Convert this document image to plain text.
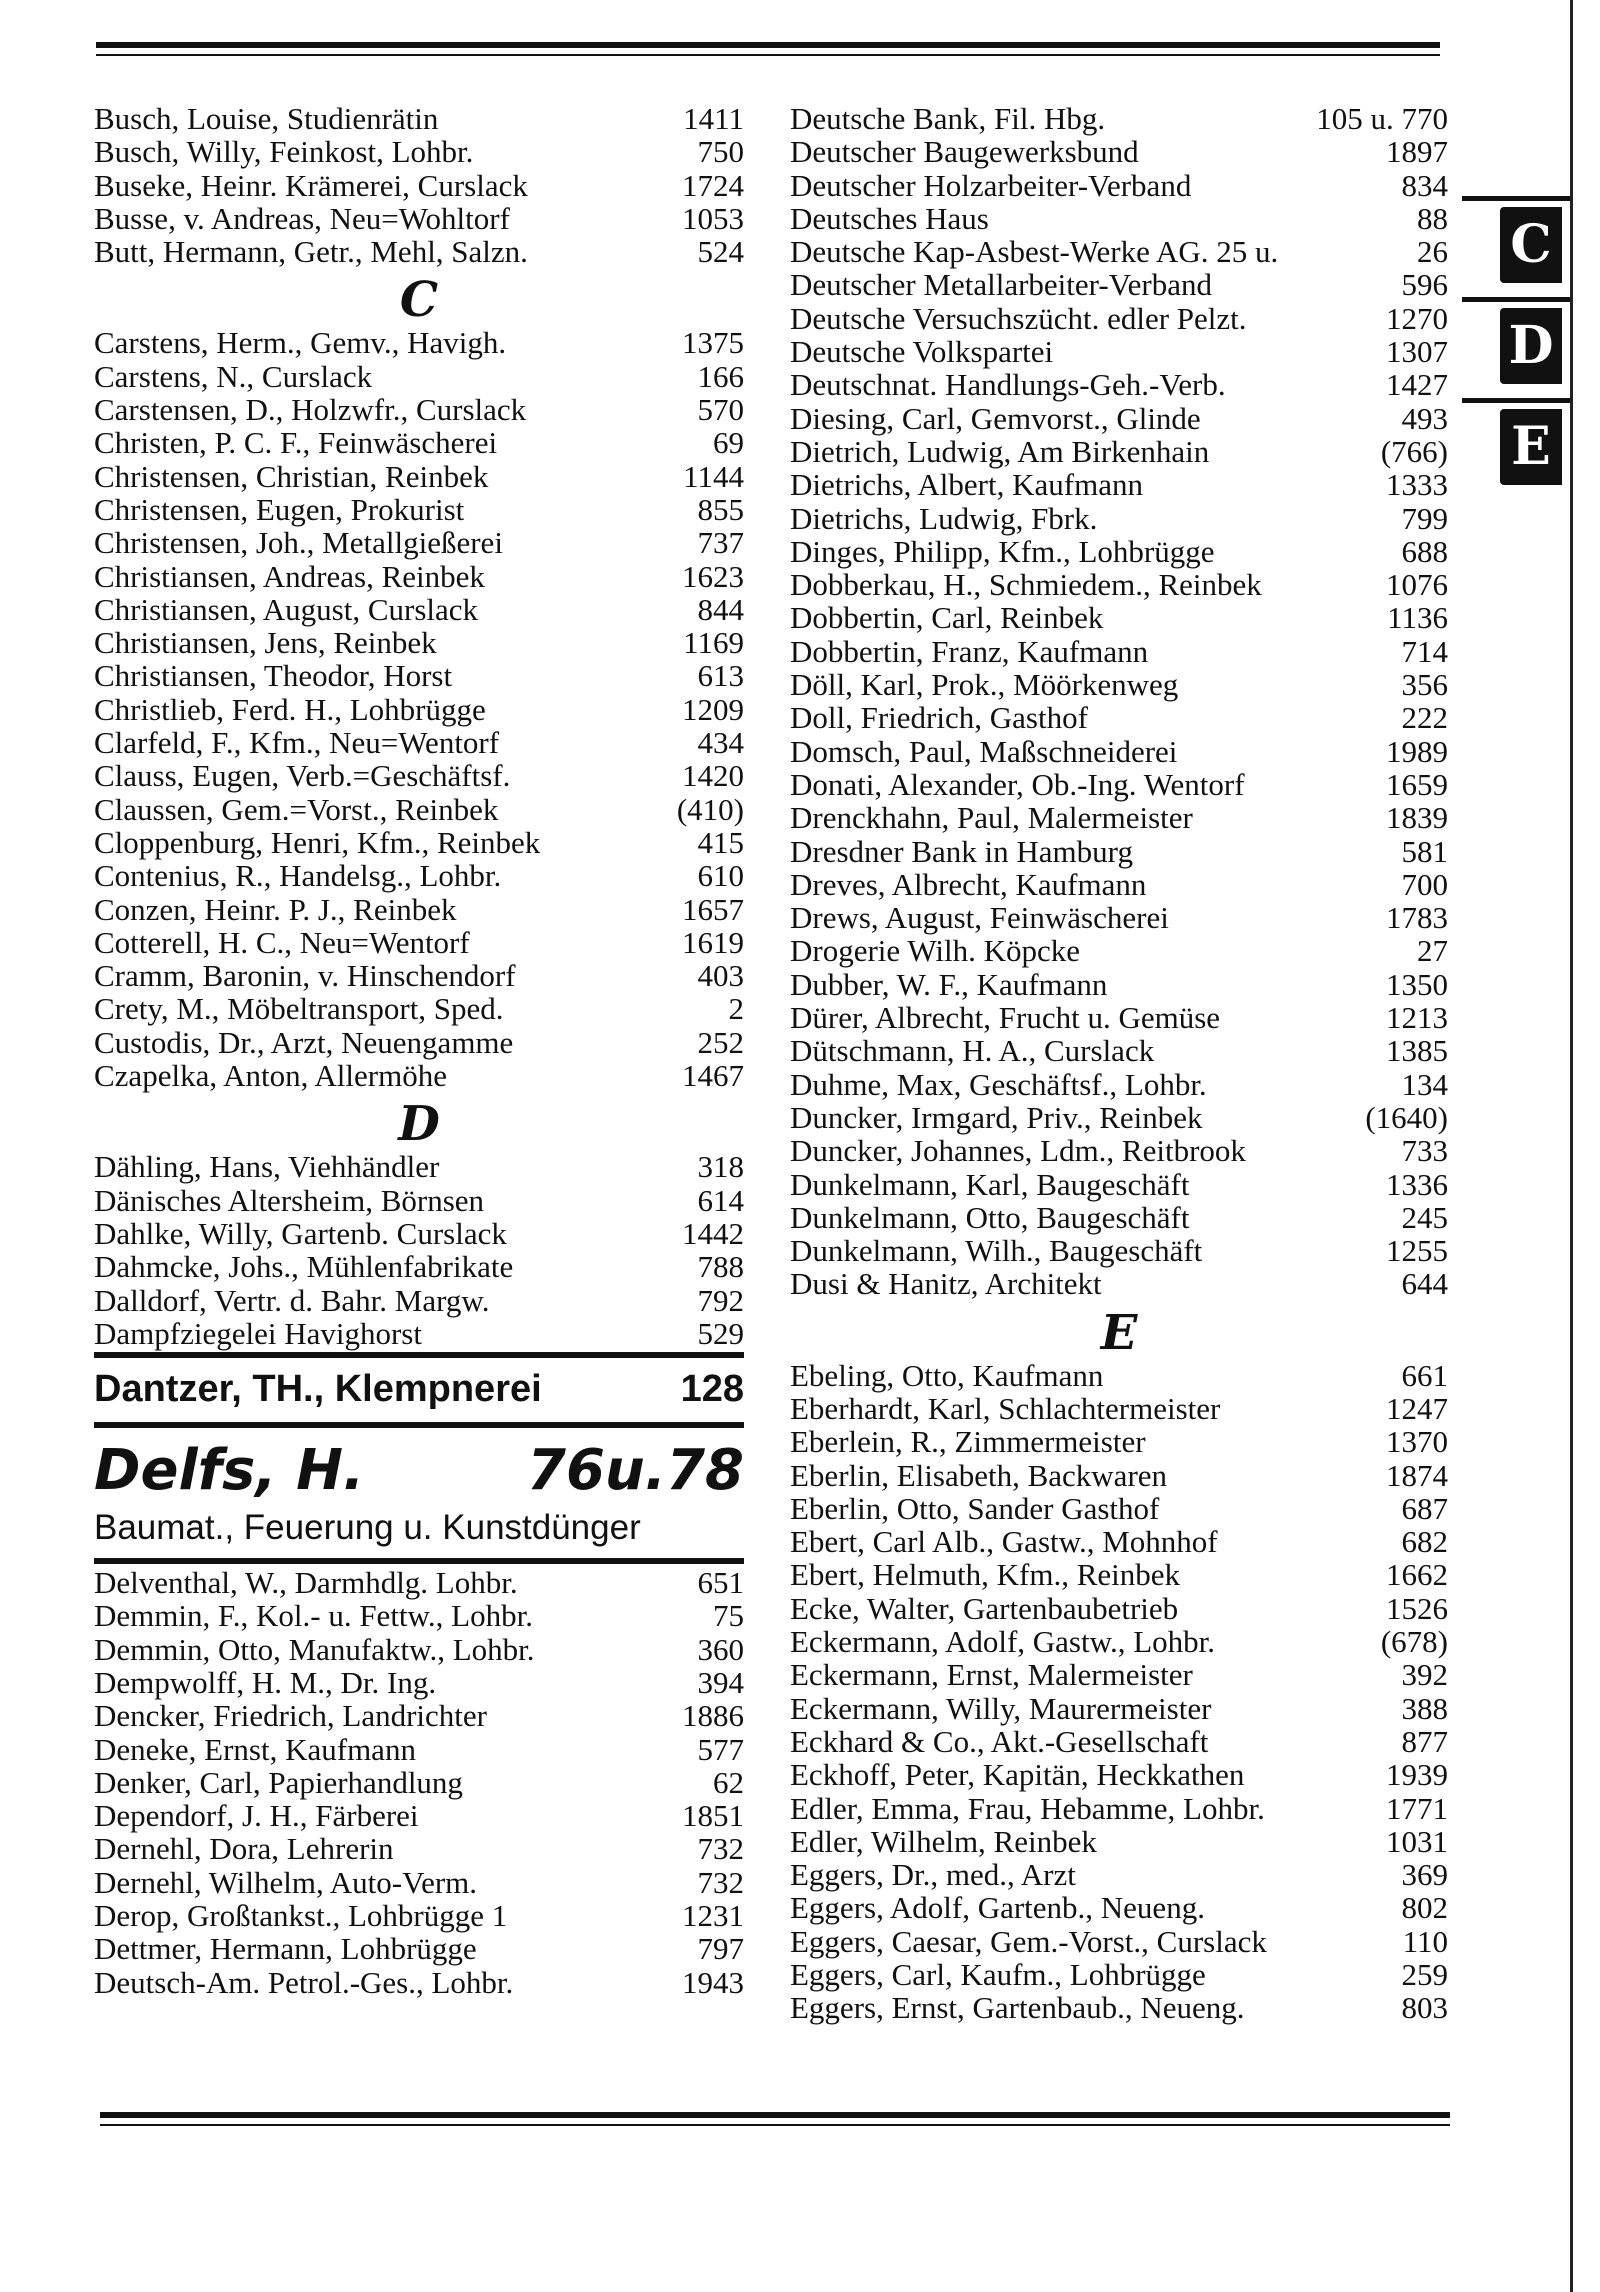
Busch, Louise, Studienrätin	1411
Busch, Willy, Feinkost, Lohbr.	750
Buseke, Heinr. Krämerei, Curslack	1724
Busse, v. Andreas, Neu=Wohltorf	1053
Butt, Hermann, Getr., Mehl, Salzn.	524
C
Carstens, Herm., Gemv., Havigh.	1375
Carstens, N., Curslack	166
Carstensen, D., Holzwfr., Curslack	570
Christen, P. C. F., Feinwäscherei	69
Christensen, Christian, Reinbek	1144
Christensen, Eugen, Prokurist	855
Christensen, Joh., Metallgießerei	737
Christiansen, Andreas, Reinbek	1623
Christiansen, August, Curslack	844
Christiansen, Jens, Reinbek	1169
Christiansen, Theodor, Horst	613
Christlieb, Ferd. H., Lohbrügge	1209
Clarfeld, F., Kfm., Neu=Wentorf	434
Clauss, Eugen, Verb.=Geschäftsf.	1420
Claussen, Gem.=Vorst., Reinbek	(410)
Cloppenburg, Henri, Kfm., Reinbek	415
Contenius, R., Handelsg., Lohbr.	610
Conzen, Heinr. P. J., Reinbek	1657
Cotterell, H. C., Neu=Wentorf	1619
Cramm, Baronin, v. Hinschendorf	403
Crety, M., Möbeltransport, Sped.	2
Custodis, Dr., Arzt, Neuengamme	252
Czapelka, Anton, Allermöhe	1467
D
Dähling, Hans, Viehhändler	318
Dänisches Altersheim, Börnsen	614
Dahlke, Willy, Gartenb. Curslack	1442
Dahmcke, Johs., Mühlenfabrikate	788
Dalldorf, Vertr. d. Bahr. Margw.	792
Dampfziegelei Havighorst	529
Dantzer, TH., Klempnerei	128
Delfs, H.	76u.78
Baumat., Feuerung u. Kunstdünger
Delventhal, W., Darmhdlg. Lohbr.	651
Demmin, F., Kol.- u. Fettw., Lohbr.	75
Demmin, Otto, Manufaktw., Lohbr.	360
Dempwolff, H. M., Dr. Ing.	394
Dencker, Friedrich, Landrichter	1886
Deneke, Ernst, Kaufmann	577
Denker, Carl, Papierhandlung	62
Dependorf, J. H., Färberei	1851
Dernehl, Dora, Lehrerin	732
Dernehl, Wilhelm, Auto-Verm.	732
Derop, Großtankst., Lohbrügge 1	1231
Dettmer, Hermann, Lohbrügge	797
Deutsch-Am. Petrol.-Ges., Lohbr.	1943
Deutsche Bank, Fil. Hbg.	105 u. 770
Deutscher Baugewerksbund	1897
Deutscher Holzarbeiter-Verband	834
Deutsches Haus	88
Deutsche Kap-Asbest-Werke AG. 25 u.	26
Deutscher Metallarbeiter-Verband	596
Deutsche Versuchszücht. edler Pelzt.	1270
Deutsche Volkspartei	1307
Deutschnat. Handlungs-Geh.-Verb.	1427
Diesing, Carl, Gemvorst., Glinde	493
Dietrich, Ludwig, Am Birkenhain	(766)
Dietrichs, Albert, Kaufmann	1333
Dietrichs, Ludwig, Fbrk.	799
Dinges, Philipp, Kfm., Lohbrügge	688
Dobberkau, H., Schmiedem., Reinbek	1076
Dobbertin, Carl, Reinbek	1136
Dobbertin, Franz, Kaufmann	714
Döll, Karl, Prok., Möörkenweg	356
Doll, Friedrich, Gasthof	222
Domsch, Paul, Maßschneiderei	1989
Donati, Alexander, Ob.-Ing. Wentorf	1659
Drenckhahn, Paul, Malermeister	1839
Dresdner Bank in Hamburg	581
Dreves, Albrecht, Kaufmann	700
Drews, August, Feinwäscherei	1783
Drogerie Wilh. Köpcke	27
Dubber, W. F., Kaufmann	1350
Dürer, Albrecht, Frucht u. Gemüse	1213
Dütschmann, H. A., Curslack	1385
Duhme, Max, Geschäftsf., Lohbr.	134
Duncker, Irmgard, Priv., Reinbek	(1640)
Duncker, Johannes, Ldm., Reitbrook	733
Dunkelmann, Karl, Baugeschäft	1336
Dunkelmann, Otto, Baugeschäft	245
Dunkelmann, Wilh., Baugeschäft	1255
Dusi & Hanitz, Architekt	644
E
Ebeling, Otto, Kaufmann	661
Eberhardt, Karl, Schlachtermeister	1247
Eberlein, R., Zimmermeister	1370
Eberlin, Elisabeth, Backwaren	1874
Eberlin, Otto, Sander Gasthof	687
Ebert, Carl Alb., Gastw., Mohnhof	682
Ebert, Helmuth, Kfm., Reinbek	1662
Ecke, Walter, Gartenbaubetrieb	1526
Eckermann, Adolf, Gastw., Lohbr.	(678)
Eckermann, Ernst, Malermeister	392
Eckermann, Willy, Maurermeister	388
Eckhard & Co., Akt.-Gesellschaft	877
Eckhoff, Peter, Kapitän, Heckkathen	1939
Edler, Emma, Frau, Hebamme, Lohbr.	1771
Edler, Wilhelm, Reinbek	1031
Eggers, Dr., med., Arzt	369
Eggers, Adolf, Gartenb., Neueng.	802
Eggers, Caesar, Gem.-Vorst., Curslack	110
Eggers, Carl, Kaufm., Lohbrügge	259
Eggers, Ernst, Gartenbaub., Neueng.	803
C
D
E
